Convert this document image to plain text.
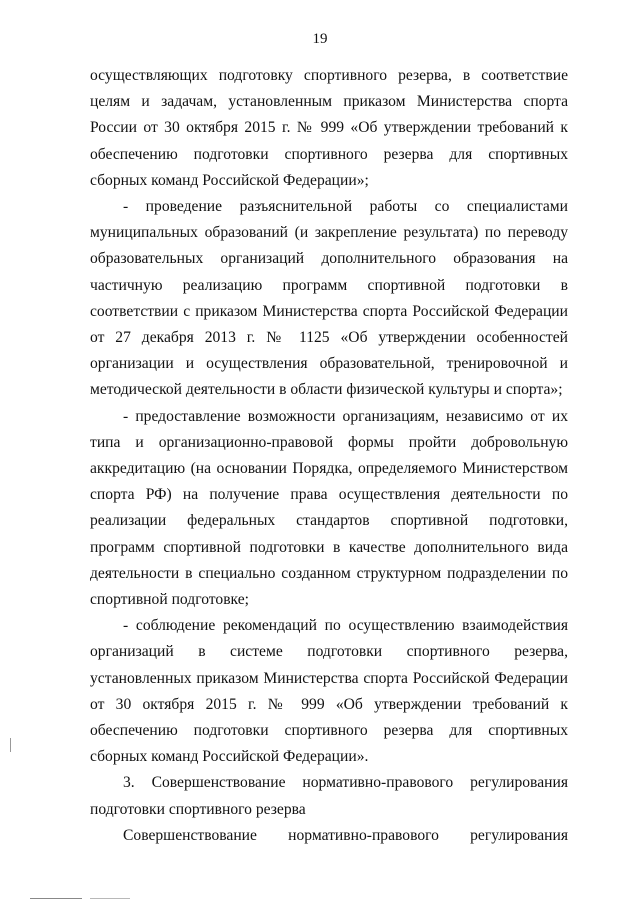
19

осуществляющих подготовку спортивного резерва, в соответствие целям и задачам, установленным приказом Министерства спорта России от 30 октября 2015 г. № 999 «Об утверждении требований к обеспечению подготовки спортивного резерва для спортивных сборных команд Российской Федерации»;

- проведение разъяснительной работы со специалистами муниципальных образований (и закрепление результата) по переводу образовательных организаций дополнительного образования на частичную реализацию программ спортивной подготовки в соответствии с приказом Министерства спорта Российской Федерации от 27 декабря 2013 г. № 1125 «Об утверждении особенностей организации и осуществления образовательной, тренировочной и методической деятельности в области физической культуры и спорта»;

- предоставление возможности организациям, независимо от их типа и организационно-правовой формы пройти добровольную аккредитацию (на основании Порядка, определяемого Министерством спорта РФ) на получение права осуществления деятельности по реализации федеральных стандартов спортивной подготовки, программ спортивной подготовки в качестве дополнительного вида деятельности в специально созданном структурном подразделении по спортивной подготовке;

- соблюдение рекомендаций по осуществлению взаимодействия организаций в системе подготовки спортивного резерва, установленных приказом Министерства спорта Российской Федерации от 30 октября 2015 г. № 999 «Об утверждении требований к обеспечению подготовки спортивного резерва для спортивных сборных команд Российской Федерации».

3. Совершенствование нормативно-правового регулирования подготовки спортивного резерва

Совершенствование нормативно-правового регулирования
